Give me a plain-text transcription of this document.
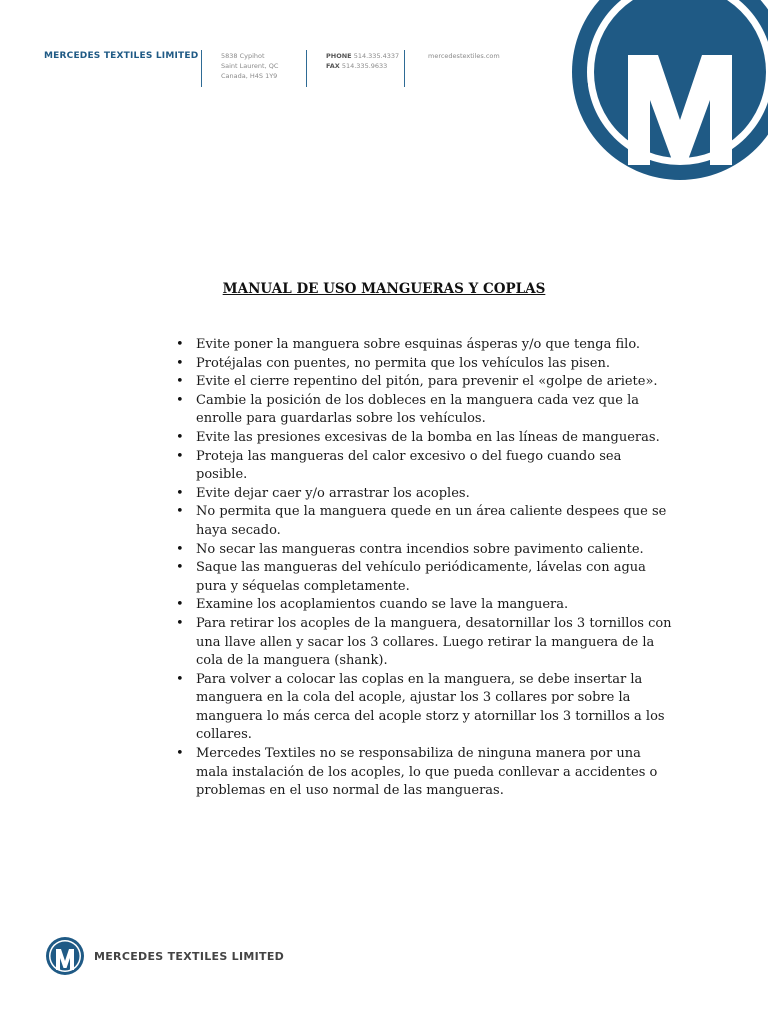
MERCEDES TEXTILES LIMITED	5838 Cypihot
Saint Laurent, QC
Canada, H4S 1Y9
PHONE 514.335.4337
FAX 514.335.9633
mercedestextiles.com
MANUAL DE USO MANGUERAS Y COPLAS
• Evite poner la manguera sobre esquinas ásperas y/o que tenga filo.
• Protéjalas con puentes, no permita que los vehículos las pisen.
• Evite el cierre repentino del pitón, para prevenir el «golpe de ariete».
• Cambie la posición de los dobleces en la manguera cada vez que la enrolle para guardarlas sobre los vehículos.
• Evite las presiones excesivas de la bomba en las líneas de mangueras.
• Proteja las mangueras del calor excesivo o del fuego cuando sea posible.
• Evite dejar caer y/o arrastrar los acoples.
• No permita que la manguera quede en un área caliente despees que se haya secado.
• No secar las mangueras contra incendios sobre pavimento caliente.
• Saque las mangueras del vehículo periódicamente, lávelas con agua pura y séquelas completamente.
• Examine los acoplamientos cuando se lave la manguera.
• Para retirar los acoples de la manguera, desatornillar los 3 tornillos con una llave allen y sacar los 3 collares. Luego retirar la manguera de la cola de la manguera (shank).
• Para volver a colocar las coplas en la manguera, se debe insertar la manguera en la cola del acople, ajustar los 3 collares por sobre la manguera lo más cerca del acople storz y atornillar los 3 tornillos a los collares.
• Mercedes Textiles no se responsabiliza de ninguna manera por una mala instalación de los acoples, lo que pueda conllevar a accidentes o problemas en el uso normal de las mangueras.
MERCEDES TEXTILES LIMITED
